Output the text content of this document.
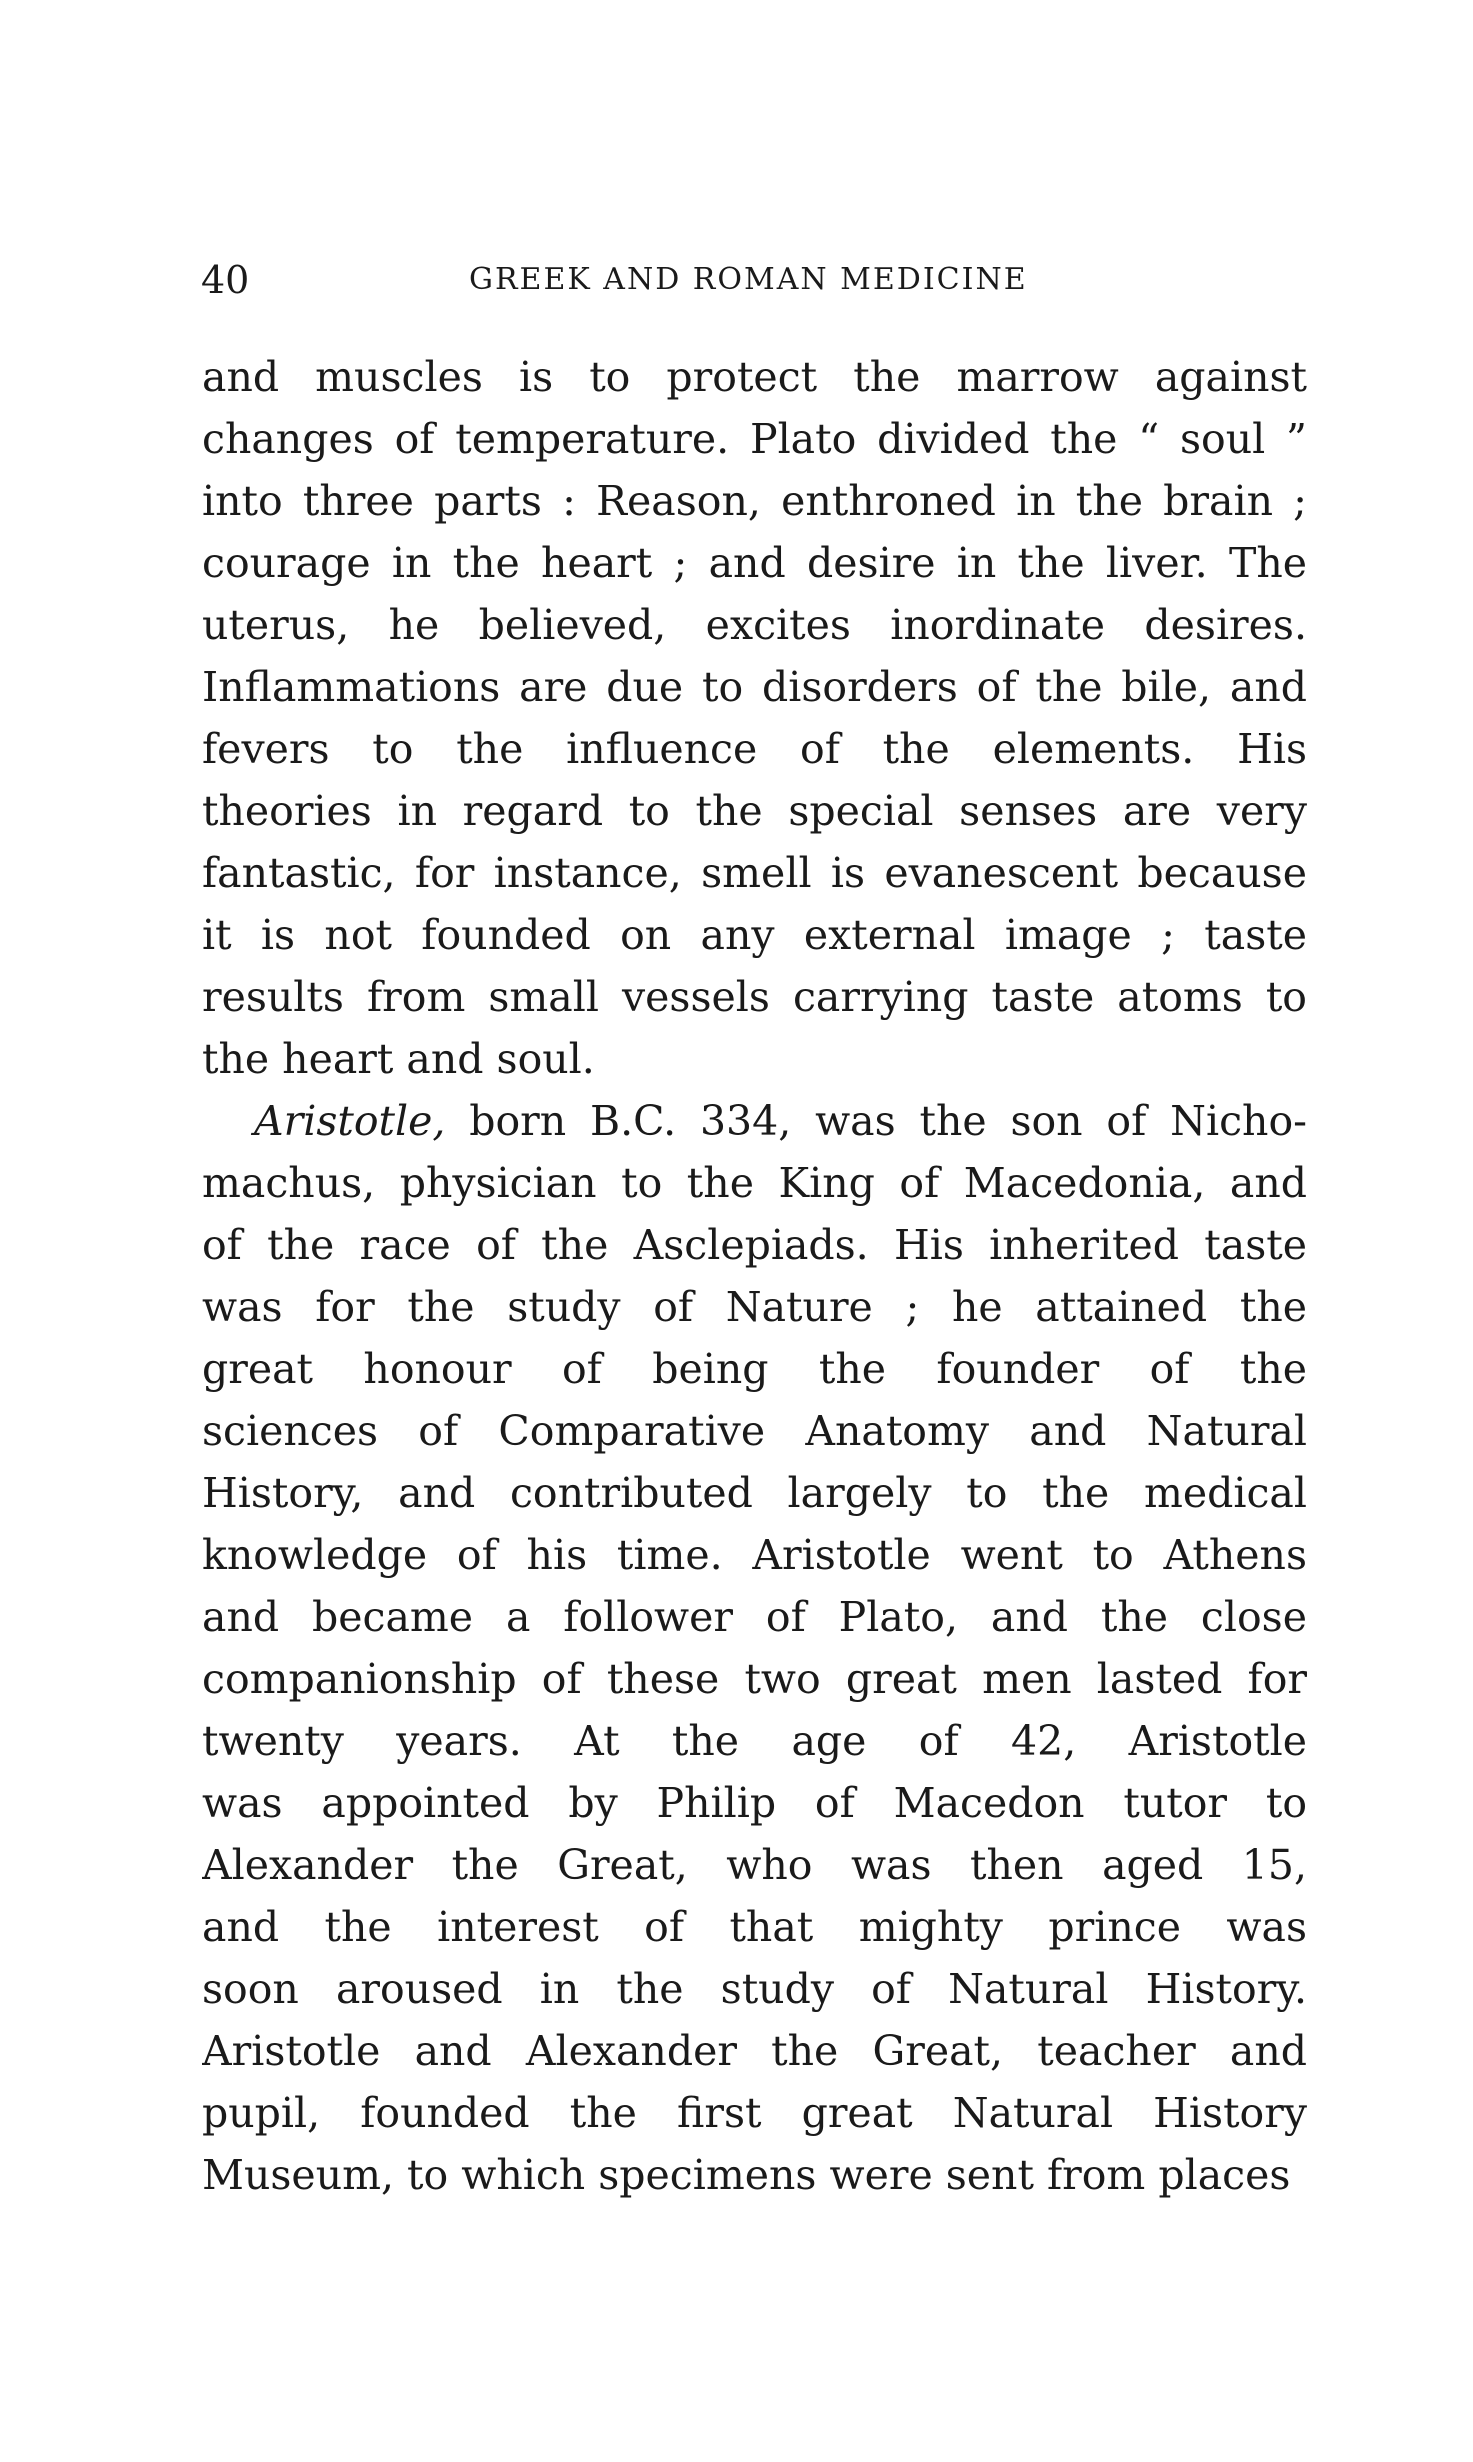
40	GREEK AND ROMAN MEDICINE
and muscles is to protect the marrow against
changes of temperature. Plato divided the “ soul ”
into three parts : Reason, enthroned in the brain ;
courage in the heart ; and desire in the liver. The
uterus, he believed, excites inordinate desires.
Inflammations are due to disorders of the bile, and
fevers to the influence of the elements. His
theories in regard to the special senses are very
fantastic, for instance, smell is evanescent because
it is not founded on any external image ; taste
results from small vessels carrying taste atoms to
the heart and soul.
Aristotle, born B.C. 334, was the son of Nicho-
machus, physician to the King of Macedonia, and
of the race of the Asclepiads. His inherited taste
was for the study of Nature ; he attained the
great honour of being the founder of the
sciences of Comparative Anatomy and Natural
History, and contributed largely to the medical
knowledge of his time. Aristotle went to Athens
and became a follower of Plato, and the close
companionship of these two great men lasted for
twenty years. At the age of 42, Aristotle
was appointed by Philip of Macedon tutor to
Alexander the Great, who was then aged 15,
and the interest of that mighty prince was
soon aroused in the study of Natural History.
Aristotle and Alexander the Great, teacher and
pupil, founded the first great Natural History
Museum, to which specimens were sent from places
